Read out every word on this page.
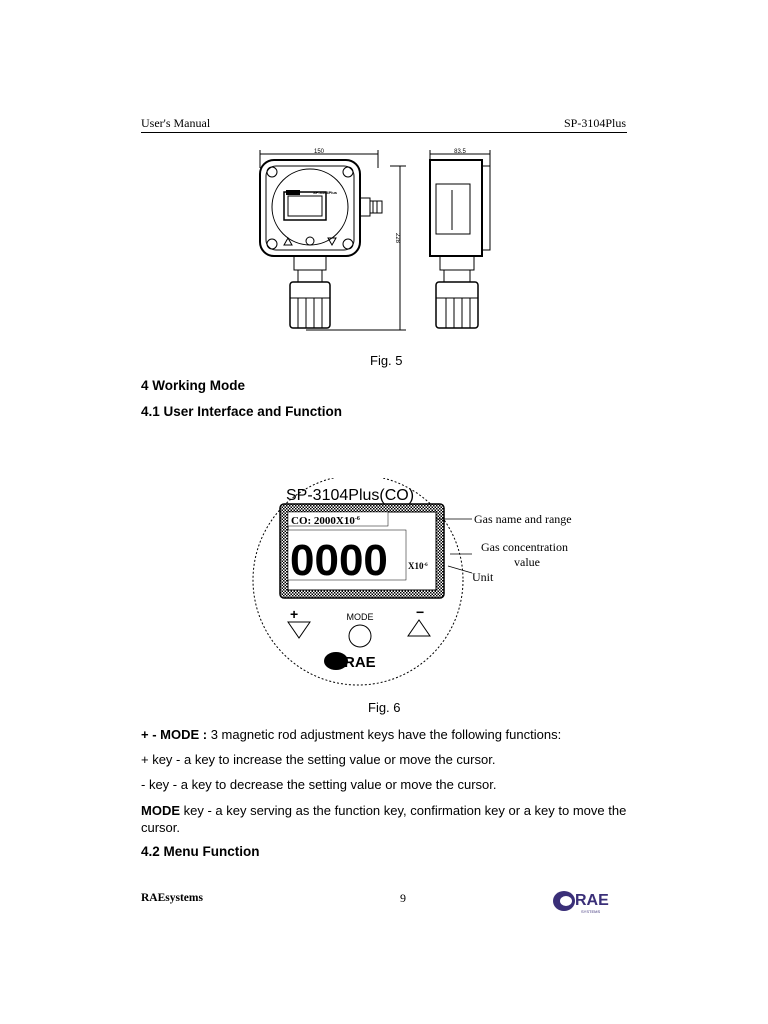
User's Manual	SP-3104Plus
150	83.5
228
SP-3104Plus
Fig. 5
4 Working Mode
4.1 User Interface and Function
SP-3104Plus(CO)
CO: $2000X10^{-6}$
0000 $X10^{-6}$
+	MODE	−
RAE
Gas name and range
Gas concentration
value
Unit
Fig. 6
+ - MODE : 3 magnetic rod adjustment keys have the following functions:
+ key - a key to increase the setting value or move the cursor.
- key - a key to decrease the setting value or move the cursor.
MODE key - a key serving as the function key, confirmation key or a key to move the cursor.
4.2 Menu Function
RAEsystems	9	RAE
SYSTEMS
